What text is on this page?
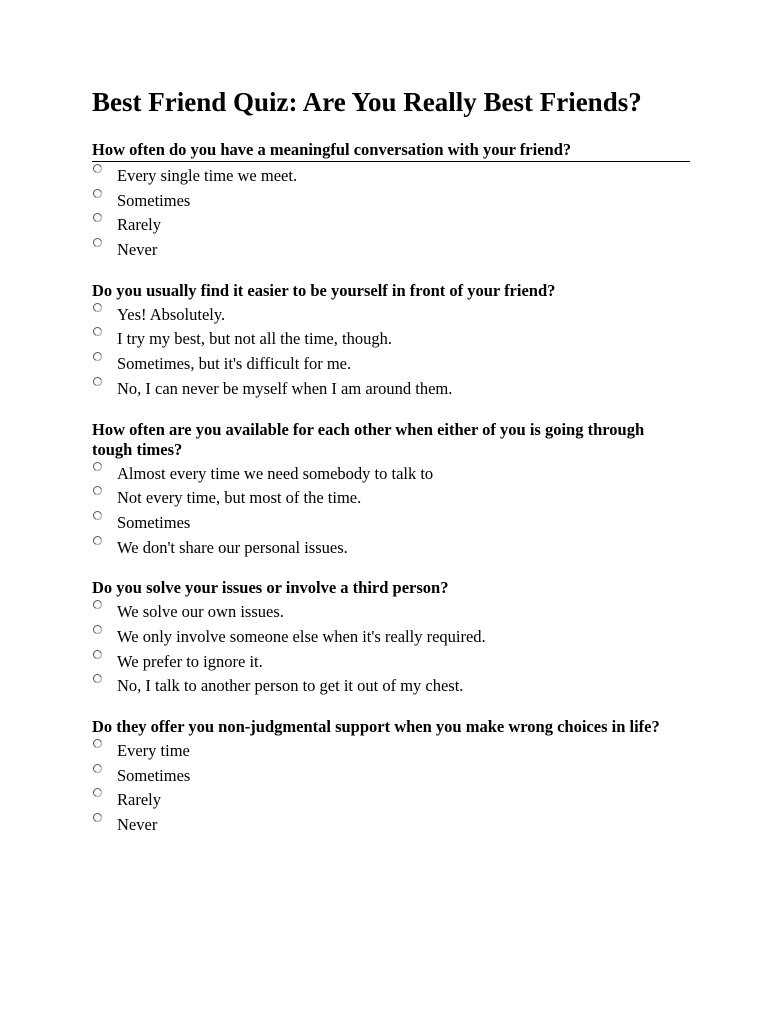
Best Friend Quiz: Are You Really Best Friends?
How often do you have a meaningful conversation with your friend?
Every single time we meet.
Sometimes
Rarely
Never
Do you usually find it easier to be yourself in front of your friend?
Yes! Absolutely.
I try my best, but not all the time, though.
Sometimes, but it's difficult for me.
No, I can never be myself when I am around them.
How often are you available for each other when either of you is going through tough times?
Almost every time we need somebody to talk to
Not every time, but most of the time.
Sometimes
We don't share our personal issues.
Do you solve your issues or involve a third person?
We solve our own issues.
We only involve someone else when it's really required.
We prefer to ignore it.
No, I talk to another person to get it out of my chest.
Do they offer you non-judgmental support when you make wrong choices in life?
Every time
Sometimes
Rarely
Never
